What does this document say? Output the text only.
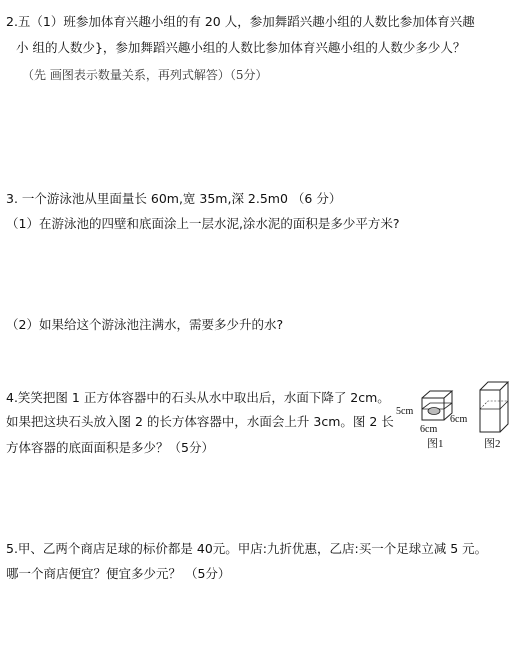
2.五（1）班参加体育兴趣小组的有 20 人，参加舞蹈兴趣小组的人数比参加体育兴趣
小 组的人数少}，参加舞蹈兴趣小组的人数比参加体育兴趣小组的人数少多少人？
（先 画图表示数量关系，再列式解答）（5分）
3. 一个游泳池从里面量长 60m,宽 35m,深 2.5m0 （6 分）
（1）在游泳池的四壁和底面涂上一层水泥,涂水泥的面积是多少平方米?
（2）如果给这个游泳池注满水，需要多少升的水?
4.笑笑把图 1 正方体容器中的石头从水中取出后，水面下降了 2cm。
如果把这块石头放入图 2 的长方体容器中，水面会上升 3cm。图 2 长
方体容器的底面面积是多少？（5分）
5cm
6cm
6cm
图1	图2
5.甲、乙两个商店足球的标价都是 40元。甲店:九折优惠，乙店:买一个足球立减 5 元。
哪一个商店便宜？便宜多少元？ （5分）
